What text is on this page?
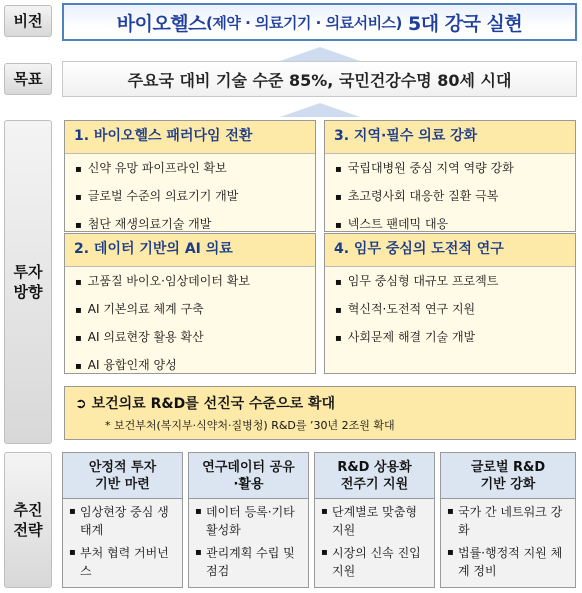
비전	바이오헬스 (제약 · 의료기기 · 의료서비스) 5대 강국 실현
목표	주요국 대비 기술 수준 85%, 국민건강수명 80세 시대
투자
방향
1. 바이오헬스 패러다임 전환
▪ 신약 유망 파이프라인 확보
▪ 글로벌 수준의 의료기기 개발
▪ 첨단 재생의료기술 개발
3. 지역·필수 의료 강화
▪ 국립대병원 중심 지역 역량 강화
▪ 초고령사회 대응한 질환 극복
▪ 넥스트 팬데믹 대응
2. 데이터 기반의 AI 의료
▪ 고품질 바이오·임상데이터 확보
▪ AI 기본의료 체계 구축
▪ AI 의료현장 활용 확산
▪ AI 융합인재 양성
4. 임무 중심의 도전적 연구
▪ 임무 중심형 대규모 프로젝트
▪ 혁신적·도전적 연구 지원
▪ 사회문제 해결 기술 개발
➲ 보건의료 R&D를 선진국 수준으로 확대
* 보건부처(복지부·식약처·질병청) R&D를 ’30년 2조원 확대
추진
전략
안정적 투자
기반 마련
▪ 임상현장 중심 생태계
▪ 부처 협력 거버넌스
연구데이터 공유
·활용
▪ 데이터 등록·기타 활성화
▪ 관리계획 수립 및 점검
R&D 상용화
전주기 지원
▪ 단계별로 맞춤형 지원
▪ 시장의 신속 진입 지원
글로벌 R&D
기반 강화
▪ 국가 간 네트워크 강화
▪ 법률·행정적 지원 체계 정비
